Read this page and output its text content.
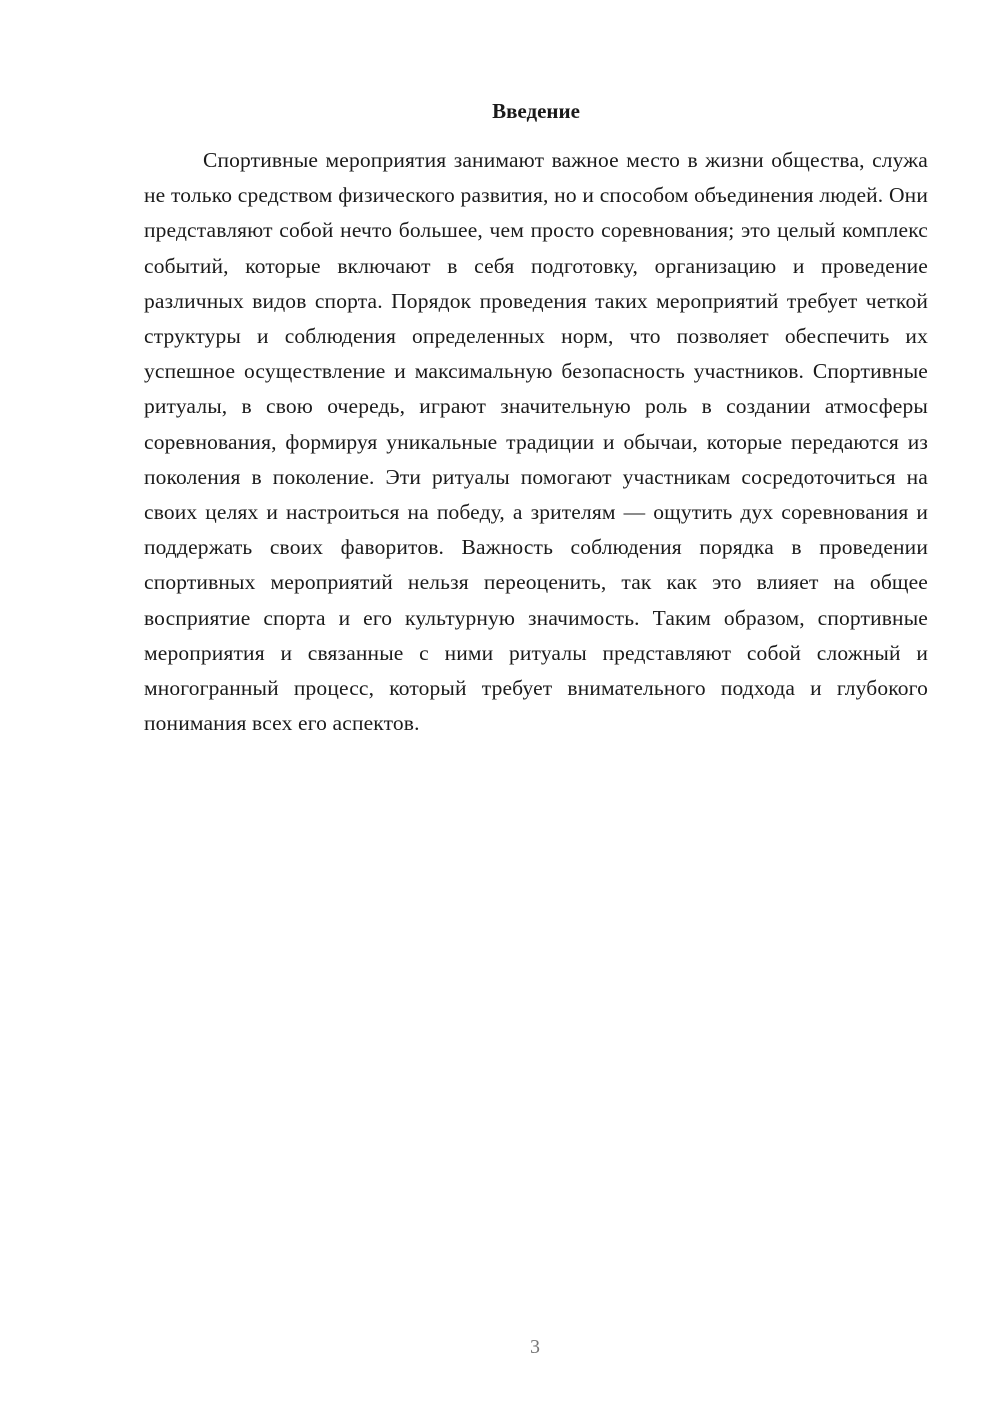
Введение

Спортивные мероприятия занимают важное место в жизни общества, служа не только средством физического развития, но и способом объединения людей. Они представляют собой нечто большее, чем просто соревнования; это целый комплекс событий, которые включают в себя подготовку, организацию и проведение различных видов спорта. Порядок проведения таких мероприятий требует четкой структуры и соблюдения определенных норм, что позволяет обеспечить их успешное осуществление и максимальную безопасность участников. Спортивные ритуалы, в свою очередь, играют значительную роль в создании атмосферы соревнования, формируя уникальные традиции и обычаи, которые передаются из поколения в поколение. Эти ритуалы помогают участникам сосредоточиться на своих целях и настроиться на победу, а зрителям — ощутить дух соревнования и поддержать своих фаворитов. Важность соблюдения порядка в проведении спортивных мероприятий нельзя переоценить, так как это влияет на общее восприятие спорта и его культурную значимость. Таким образом, спортивные мероприятия и связанные с ними ритуалы представляют собой сложный и многогранный процесс, который требует внимательного подхода и глубокого понимания всех его аспектов.

3
